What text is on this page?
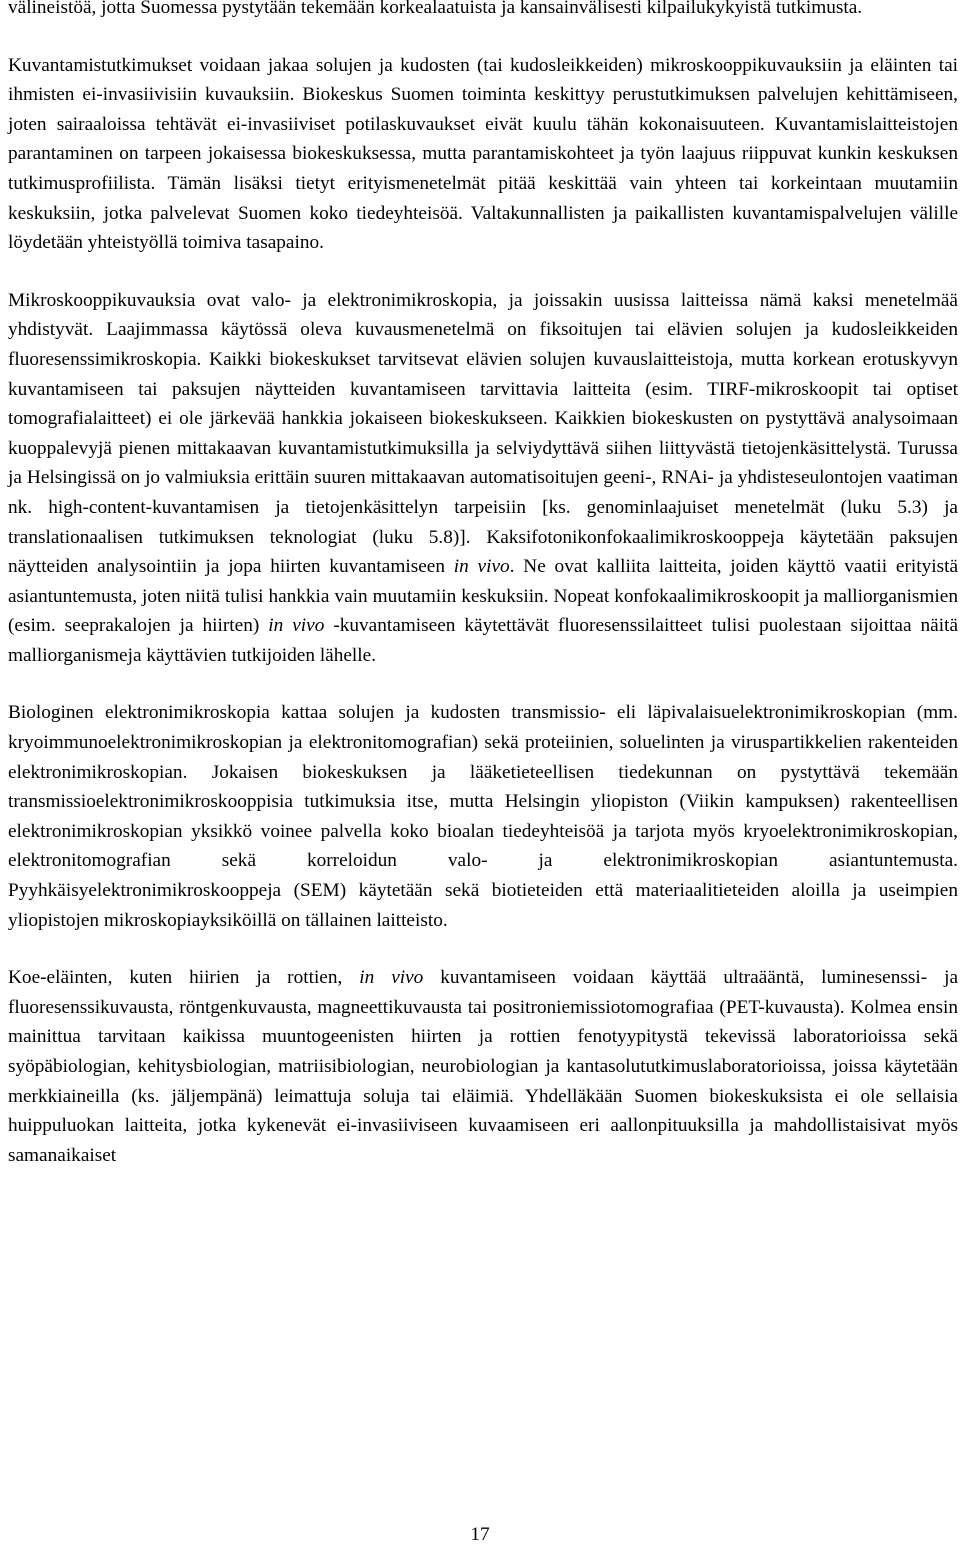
välineistöä, jotta Suomessa pystytään tekemään korkealaatuista ja kansainvälisesti kilpailukykyistä tutkimusta.

Kuvantamistutkimukset voidaan jakaa solujen ja kudosten (tai kudosleikkeiden) mikroskooppikuvauksiin ja eläinten tai ihmisten ei-invasiivisiin kuvauksiin. Biokeskus Suomen toiminta keskittyy perustutkimuksen palvelujen kehittämiseen, joten sairaaloissa tehtävät ei-invasiiviset potilaskuvaukset eivät kuulu tähän kokonaisuuteen. Kuvantamislaitteistojen parantaminen on tarpeen jokaisessa biokeskuksessa, mutta parantamiskohteet ja työn laajuus riippuvat kunkin keskuksen tutkimusprofiilista. Tämän lisäksi tietyt erityismenetelmät pitää keskittää vain yhteen tai korkeintaan muutamiin keskuksiin, jotka palvelevat Suomen koko tiedeyhteisöä. Valtakunnallisten ja paikallisten kuvantamispalvelujen välille löydetään yhteistyöllä toimiva tasapaino.

Mikroskooppikuvauksia ovat valo- ja elektronimikroskopia, ja joissakin uusissa laitteissa nämä kaksi menetelmää yhdistyvät. Laajimmassa käytössä oleva kuvausmenetelmä on fiksoitujen tai elävien solujen ja kudosleikkeiden fluoresenssimikroskopia. Kaikki biokeskukset tarvitsevat elävien solujen kuvauslaitteistoja, mutta korkean erotuskyvyn kuvantamiseen tai paksujen näytteiden kuvantamiseen tarvittavia laitteita (esim. TIRF-mikroskoopit tai optiset tomografialaitteet) ei ole järkevää hankkia jokaiseen biokeskukseen. Kaikkien biokeskusten on pystyttävä analysoimaan kuoppalevyjä pienen mittakaavan kuvantamistutkimuksilla ja selviydyttävä siihen liittyvästä tietojenkäsittelystä. Turussa ja Helsingissä on jo valmiuksia erittäin suuren mittakaavan automatisoitujen geeni-, RNAi- ja yhdisteseulontojen vaatiman nk. high-content-kuvantamisen ja tietojenkäsittelyn tarpeisiin [ks. genominlaajuiset menetelmät (luku 5.3) ja translationaalisen tutkimuksen teknologiat (luku 5.8)]. Kaksifotonikonfokaalimikroskooppeja käytetään paksujen näytteiden analysointiin ja jopa hiirten kuvantamiseen in vivo. Ne ovat kalliita laitteita, joiden käyttö vaatii erityistä asiantuntemusta, joten niitä tulisi hankkia vain muutamiin keskuksiin. Nopeat konfokaalimikroskoopit ja malliorganismien (esim. seeprakalojen ja hiirten) in vivo -kuvantamiseen käytettävät fluoresenssilaitteet tulisi puolestaan sijoittaa näitä malliorganismeja käyttävien tutkijoiden lähelle.

Biologinen elektronimikroskopia kattaa solujen ja kudosten transmissio- eli läpivalaisuelektronimikroskopian (mm. kryoimmunoelektronimikroskopian ja elektronitomografian) sekä proteiinien, soluelinten ja viruspartikkelien rakenteiden elektronimikroskopian. Jokaisen biokeskuksen ja lääketieteellisen tiedekunnan on pystyttävä tekemään transmissioelektronimikroskooppisia tutkimuksia itse, mutta Helsingin yliopiston (Viikin kampuksen) rakenteellisen elektronimikroskopian yksikkö voinee palvella koko bioalan tiedeyhteisöä ja tarjota myös kryoelektronimikroskopian, elektronitomografian sekä korreloidun valo- ja elektronimikroskopian asiantuntemusta. Pyyhkäisyelektronimikroskooppeja (SEM) käytetään sekä biotieteiden että materiaalitieteiden aloilla ja useimpien yliopistojen mikroskopiayksiköillä on tällainen laitteisto.

Koe-eläinten, kuten hiirien ja rottien, in vivo kuvantamiseen voidaan käyttää ultraääntä, luminesenssi- ja fluoresenssikuvausta, röntgenkuvausta, magneettikuvausta tai positroniemissiotomografiaa (PET-kuvausta). Kolmea ensin mainittua tarvitaan kaikissa muuntogeenisten hiirten ja rottien fenotyypitystä tekevissä laboratorioissa sekä syöpäbiologian, kehitysbiologian, matriisibiologian, neurobiologian ja kantasolututkimuslaboratorioissa, joissa käytetään merkkiaineilla (ks. jäljempänä) leimattuja soluja tai eläimiä. Yhdelläkään Suomen biokeskuksista ei ole sellaisia huippuluokan laitteita, jotka kykenevät ei-invasiiviseen kuvaamiseen eri aallonpituuksilla ja mahdollistaisivat myös samanaikaiset

17
